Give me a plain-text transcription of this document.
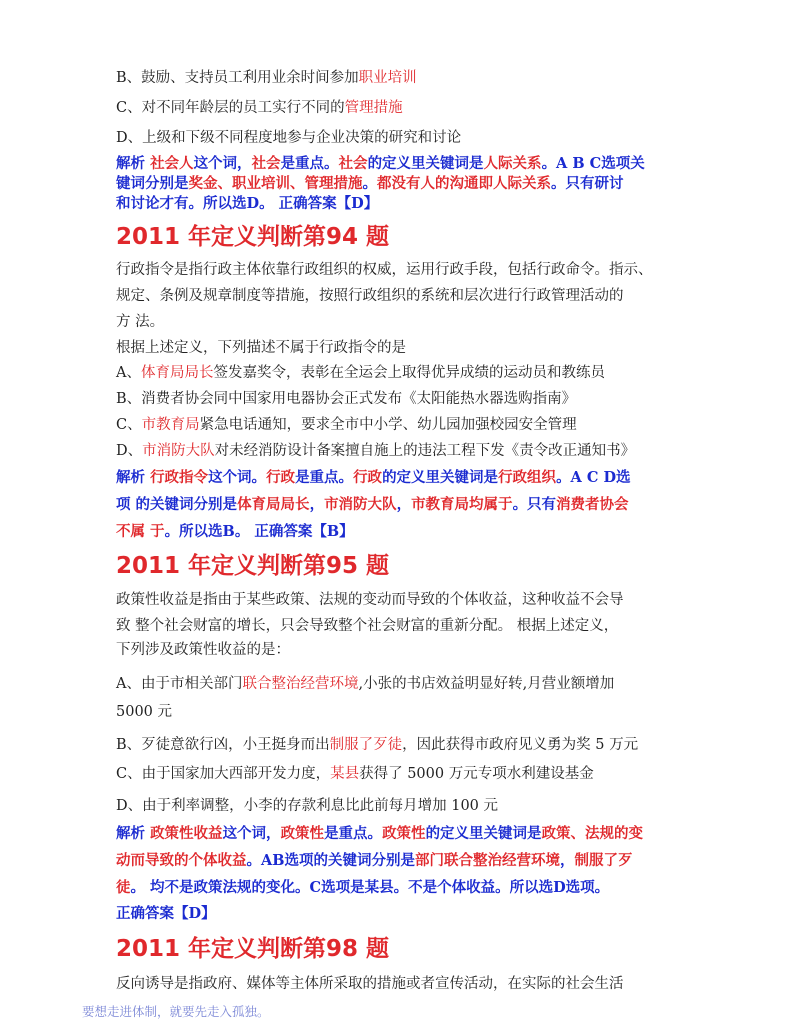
B、鼓励、支持员工利用业余时间参加职业培训
C、对不同年龄层的员工实行不同的管理措施
D、上级和下级不同程度地参与企业决策的研究和讨论
解析 社会人这个词，社会是重点。社会的定义里关键词是人际关系。A B C选项关
键词分别是奖金、职业培训、管理措施。都没有人的沟通即人际关系。只有研讨
和讨论才有。所以选D。 正确答案【D】
2011 年定义判断第94 题
行政指令是指行政主体依靠行政组织的权威，运用行政手段，包括行政命令。指示、
规定、条例及规章制度等措施，按照行政组织的系统和层次进行行政管理活动的
方 法。
根据上述定义，下列描述不属于行政指令的是
A、体育局局长签发嘉奖令，表彰在全运会上取得优异成绩的运动员和教练员
B、消费者协会同中国家用电器协会正式发布《太阳能热水器选购指南》
C、市教育局紧急电话通知，要求全市中小学、幼儿园加强校园安全管理
D、市消防大队对未经消防设计备案擅自施上的违法工程下发《责令改正通知书》
解析 行政指令这个词。行政是重点。行政的定义里关键词是行政组织。A C D选
项 的关键词分别是体育局局长，市消防大队，市教育局均属于。只有消费者协会
不属 于。所以选B。 正确答案【B】
2011 年定义判断第95 题
政策性收益是指由于某些政策、法规的变动而导致的个体收益，这种收益不会导
致 整个社会财富的增长，只会导致整个社会财富的重新分配。 根据上述定义，
下列涉及政策性收益的是：
A、由于市相关部门联合整治经营环境,小张的书店效益明显好转,月营业额增加
5000 元
B、歹徒意欲行凶，小王挺身而出制服了歹徒，因此获得市政府见义勇为奖 5 万元
C、由于国家加大西部开发力度，某县获得了 5000 万元专项水利建设基金
D、由于利率调整，小李的存款利息比此前每月增加 100 元
解析 政策性收益这个词，政策性是重点。政策性的定义里关键词是政策、法规的变
动而导致的个体收益。AB选项的关键词分别是部门联合整治经营环境，制服了歹
徒。 均不是政策法规的变化。C选项是某县。不是个体收益。所以选D选项。
正确答案【D】
2011 年定义判断第98 题
反向诱导是指政府、媒体等主体所采取的措施或者宣传活动，在实际的社会生活
要想走进体制，就要先走入孤独。
